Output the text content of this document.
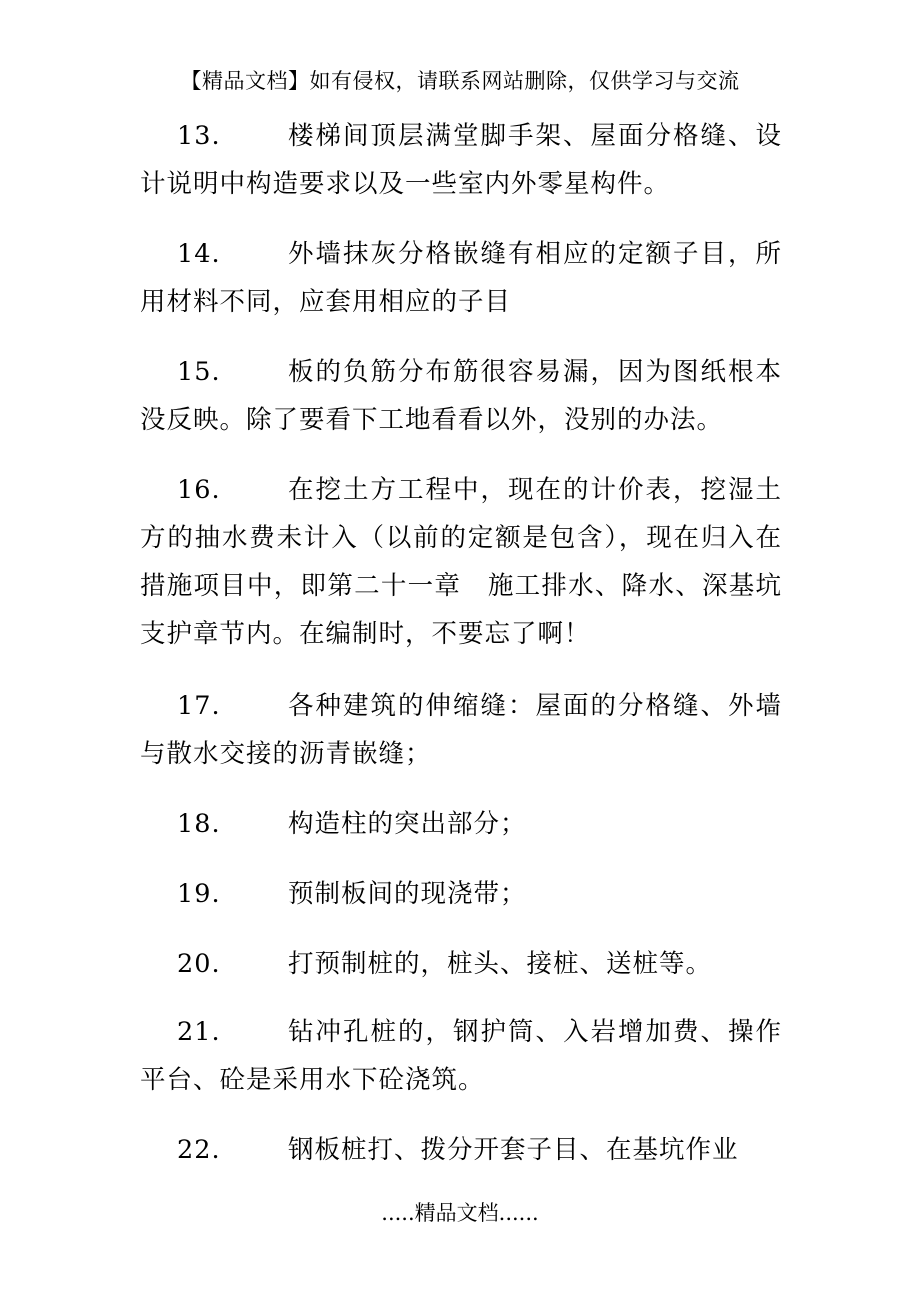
【精品文档】如有侵权，请联系网站删除，仅供学习与交流
13.	楼梯间顶层满堂脚手架、屋面分格缝、设计说明中构造要求以及一些室内外零星构件。
14.	外墙抹灰分格嵌缝有相应的定额子目，所用材料不同，应套用相应的子目
15.	板的负筋分布筋很容易漏，因为图纸根本没反映。除了要看下工地看看以外，没别的办法。
16.	在挖土方工程中，现在的计价表，挖湿土方的抽水费未计入（以前的定额是包含），现在归入在措施项目中，即第二十一章　施工排水、降水、深基坑支护章节内。在编制时，不要忘了啊！
17.	各种建筑的伸缩缝：屋面的分格缝、外墙与散水交接的沥青嵌缝；
18.	构造柱的突出部分；
19.	预制板间的现浇带；
20.	打预制桩的，桩头、接桩、送桩等。
21.	钻冲孔桩的，钢护筒、入岩增加费、操作平台、砼是采用水下砼浇筑。
22.	钢板桩打、拨分开套子目、在基坑作业
.....精品文档......
